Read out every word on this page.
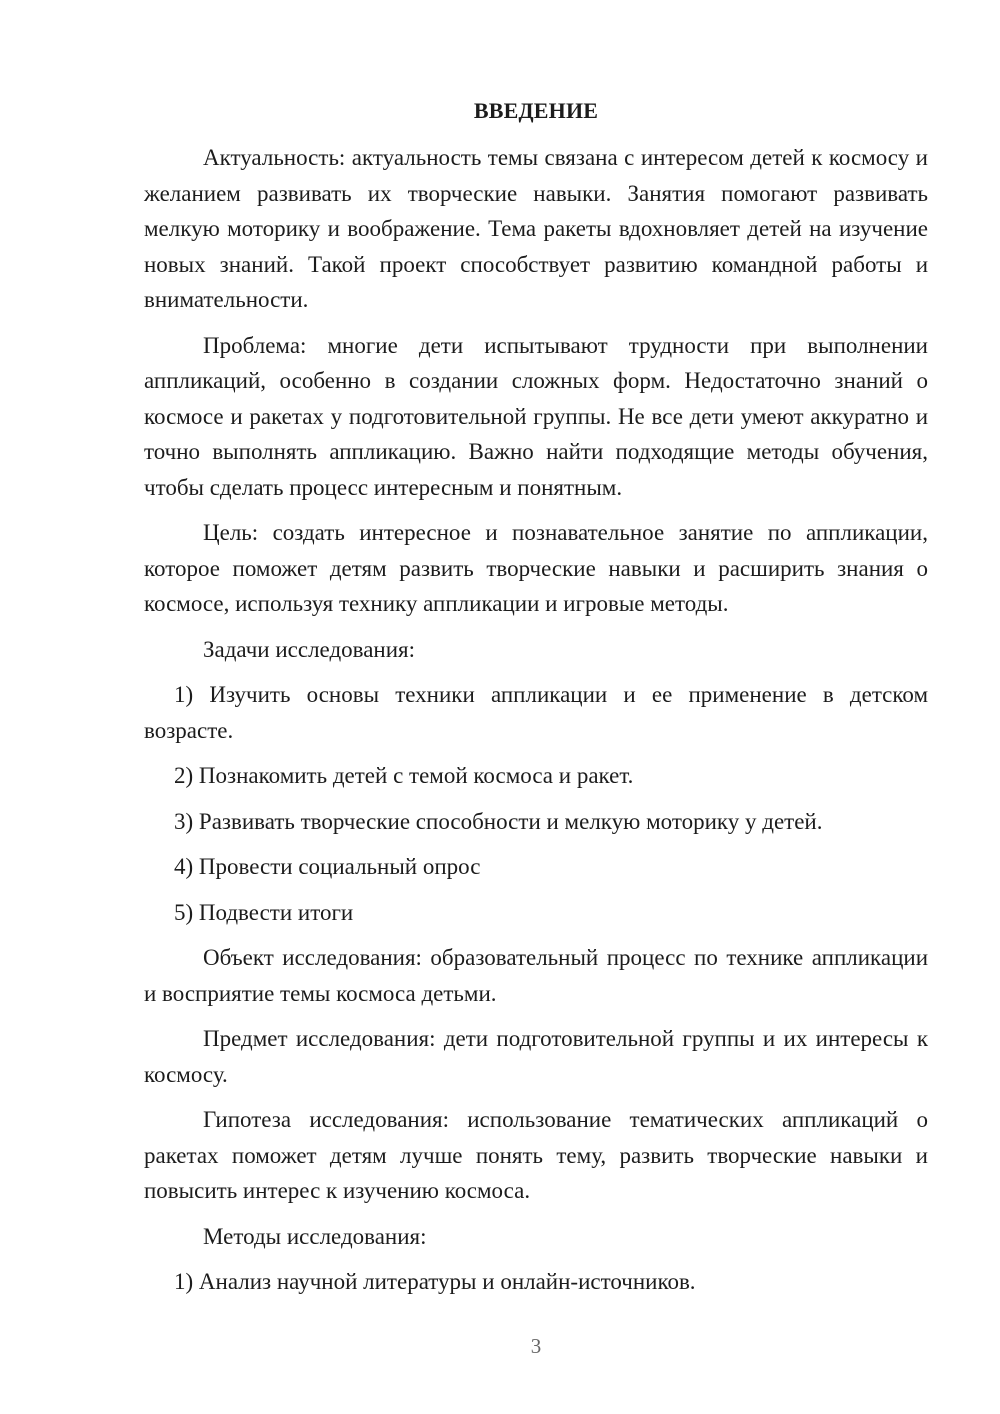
ВВЕДЕНИЕ

Актуальность: актуальность темы связана с интересом детей к космосу и желанием развивать их творческие навыки. Занятия помогают развивать мелкую моторику и воображение. Тема ракеты вдохновляет детей на изучение новых знаний. Такой проект способствует развитию командной работы и внимательности.

Проблема: многие дети испытывают трудности при выполнении аппликаций, особенно в создании сложных форм. Недостаточно знаний о космосе и ракетах у подготовительной группы. Не все дети умеют аккуратно и точно выполнять аппликацию. Важно найти подходящие методы обучения, чтобы сделать процесс интересным и понятным.

Цель: создать интересное и познавательное занятие по аппликации, которое поможет детям развить творческие навыки и расширить знания о космосе, используя технику аппликации и игровые методы.

Задачи исследования:

1) Изучить основы техники аппликации и ее применение в детском возрасте.

2) Познакомить детей с темой космоса и ракет.

3) Развивать творческие способности и мелкую моторику у детей.

4) Провести социальный опрос

5) Подвести итоги

Объект исследования: образовательный процесс по технике аппликации и восприятие темы космоса детьми.

Предмет исследования: дети подготовительной группы и их интересы к космосу.

Гипотеза исследования: использование тематических аппликаций о ракетах поможет детям лучше понять тему, развить творческие навыки и повысить интерес к изучению космоса.

Методы исследования:

1) Анализ научной литературы и онлайн-источников.

3
